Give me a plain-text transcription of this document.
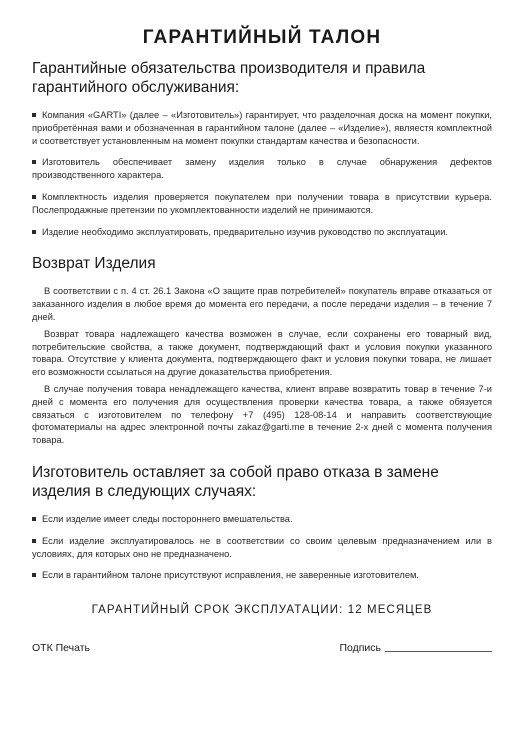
ГАРАНТИЙНЫЙ ТАЛОН
Гарантийные обязательства производителя и правила гарантийного обслуживания:
Компания «GARTI» (далее – «Изготовитель») гарантирует, что разделочная доска на момент покупки, приобретённая вами и обозначенная в гарантийном талоне (далее – «Изделие»), являестя комплектной и соответствует установленным на момент покупки стандартам качества и безопасности.
Изготовитель обеспечивает замену изделия только в случае обнаружения дефектов производственного характера.
Комплектность изделия проверяется покупателем при получении товара в присутствии курьера. Послепродажные претензии по укомплектованности изделий не принимаются.
Изделие необходимо эксплуатировать, предварительно изучив руководство по эксплуатации.
Возврат Изделия
В соответствии с п. 4 ст. 26.1 Закона «О защите прав потребителей» покупатель вправе отказаться от заказанного изделия в любое время до момента его передачи, а после передачи изделия – в течение 7 дней.
Возврат товара надлежащего качества возможен в случае, если сохранены его товарный вид, потребительские свойства, а также документ, подтверждающий факт и условия покупки указанного товара. Отсутствие у клиента документа, подтверждающего факт и условия покупки товара, не лишает его возможности ссылаться на другие доказательства приобретения.
В случае получения товара ненадлежащего качества, клиент вправе возвратить товар в течение 7-и дней с момента его получения для осуществления проверки качества товара, а также обязуется связаться с изготовителем по телефону +7 (495) 128-08-14 и направить соответствующие фотоматериалы на адрес электронной почты zakaz@garti.me в течение 2-х дней с момента получения товара.
Изготовитель оставляет за собой право отказа в замене изделия в следующих случаях:
Если изделие имеет следы постороннего вмешательства.
Если изделие эксплуатировалось не в соответствии со своим целевым предназначением или в условиях, для которых оно не предназначено.
Если в гарантийном талоне присутствуют исправления, не заверенные изготовителем.
ГАРАНТИЙНЫЙ СРОК ЭКСПЛУАТАЦИИ: 12 МЕСЯЦЕВ
ОТК Печать	Подпись
